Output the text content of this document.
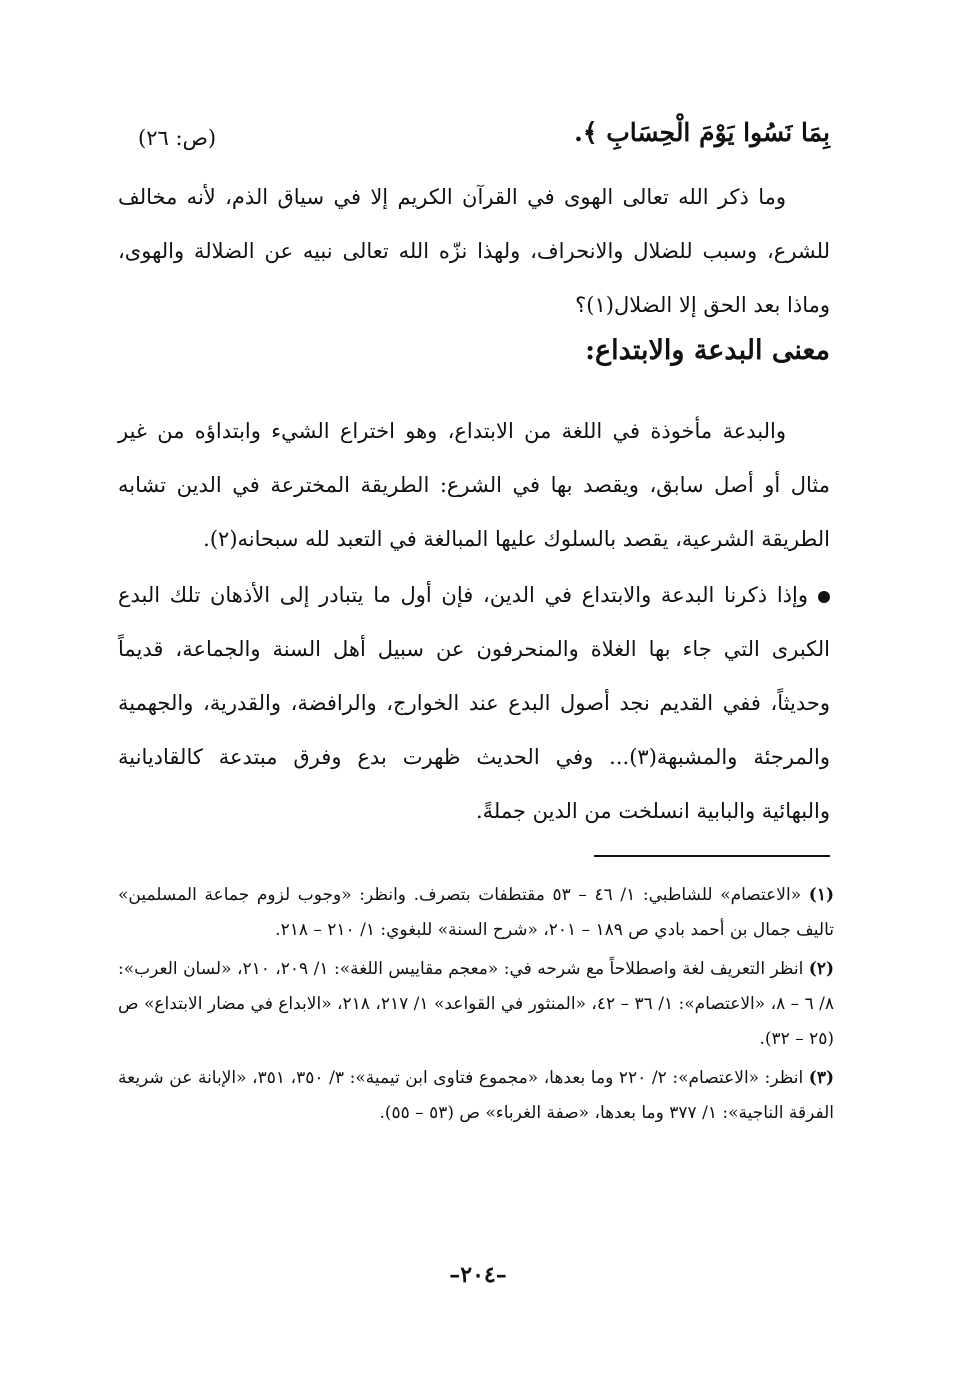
بِمَا نَسُوا يَوْمَ الْحِسَابِ ﴾.
(ص: ٢٦)
وما ذكر الله تعالى الهوى في القرآن الكريم إلا في سياق الذم، لأنه مخالف للشرع، وسبب للضلال والانحراف، ولهذا نزّه الله تعالى نبيه عن الضلالة والهوى، وماذا بعد الحق إلا الضلال(١)؟
معنى البدعة والابتداع:
والبدعة مأخوذة في اللغة من الابتداع، وهو اختراع الشيء وابتداؤه من غير مثال أو أصل سابق، ويقصد بها في الشرع: الطريقة المخترعة في الدين تشابه الطريقة الشرعية، يقصد بالسلوك عليها المبالغة في التعبد لله سبحانه(٢).
وإذا ذكرنا البدعة والابتداع في الدين، فإن أول ما يتبادر إلى الأذهان تلك البدع الكبرى التي جاء بها الغلاة والمنحرفون عن سبيل أهل السنة والجماعة، قديماً وحديثاً، ففي القديم نجد أصول البدع عند الخوارج، والرافضة، والقدرية، والجهمية والمرجئة والمشبهة(٣)... وفي الحديث ظهرت بدع وفرق مبتدعة كالقاديانية والبهائية والبابية انسلخت من الدين جملةً.
(١) «الاعتصام» للشاطبي: ١/ ٤٦ – ٥٣ مقتطفات بتصرف. وانظر: «وجوب لزوم جماعة المسلمين» تاليف جمال بن أحمد بادي ص ١٨٩ – ٢٠١، «شرح السنة» للبغوي: ١/ ٢١٠ – ٢١٨.
(٢) انظر التعريف لغة واصطلاحاً مع شرحه في: «معجم مقاييس اللغة»: ١/ ٢٠٩، ٢١٠، «لسان العرب»: ٨/ ٦ – ٨، «الاعتصام»: ١/ ٣٦ – ٤٢، «المنثور في القواعد» ١/ ٢١٧، ٢١٨، «الابداع في مضار الابتداع» ص (٢٥ – ٣٢).
(٣) انظر: «الاعتصام»: ٢/ ٢٢٠ وما بعدها، «مجموع فتاوى ابن تيمية»: ٣/ ٣٥٠، ٣٥١، «الإبانة عن شريعة الفرقة الناجية»: ١/ ٣٧٧ وما بعدها، «صفة الغرباء» ص (٥٣ – ٥٥).
–٢٠٤–
